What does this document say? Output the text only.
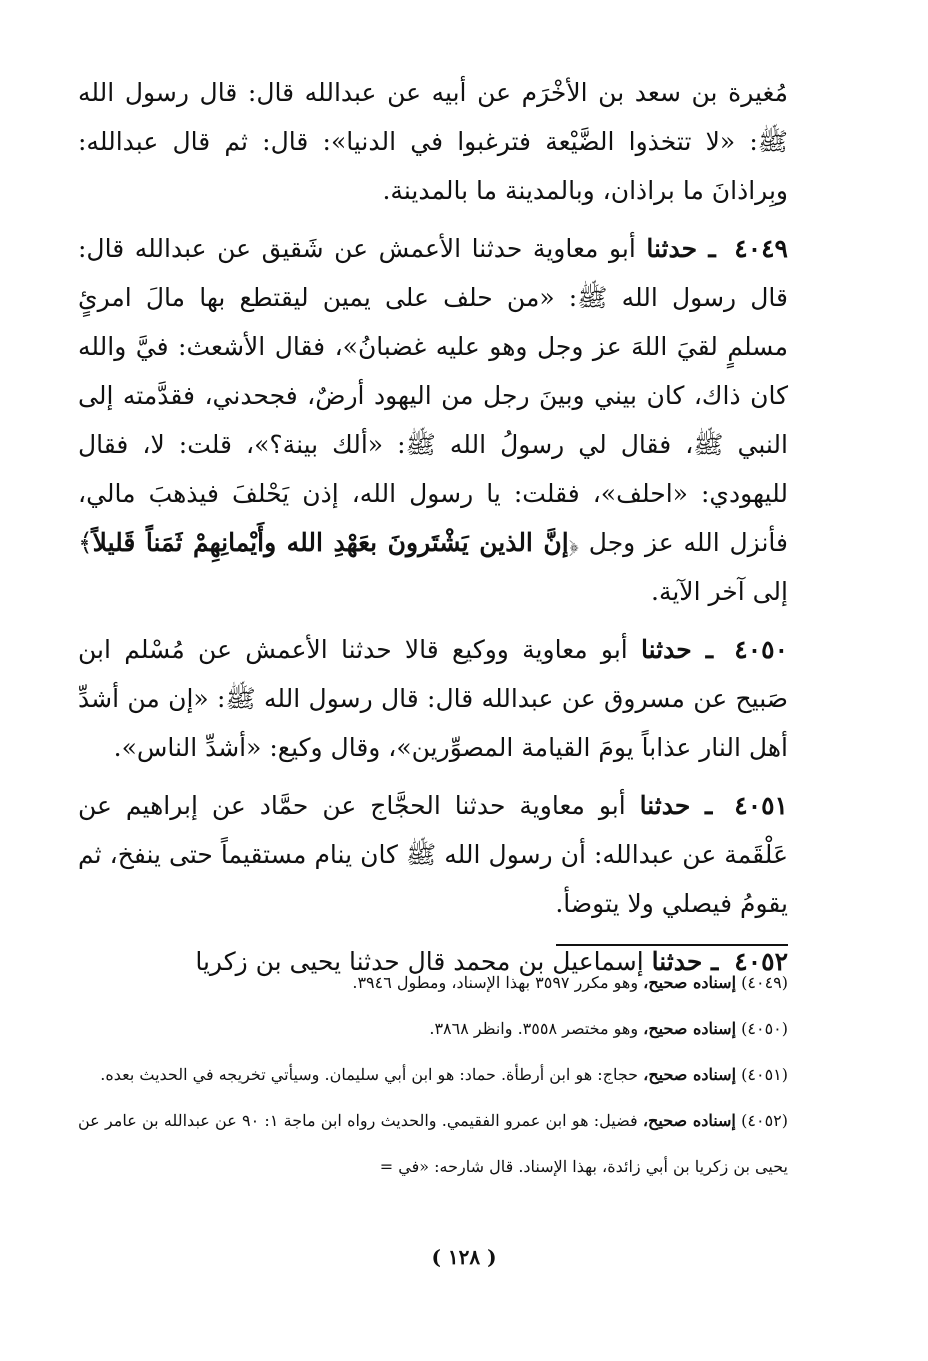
مُغيرة بن سعد بن الأخْرَم عن أبيه عن عبدالله قال: قال رسول الله ﷺ: «لا تتخذوا الضَّيْعة فترغبوا في الدنيا»: قال: ثم قال عبدالله: وبِراذانَ ما براذان، وبالمدينة ما بالمدينة.

٤٠٤٩ ـ حدثنا أبو معاوية حدثنا الأعمش عن شَقيق عن عبدالله قال: قال رسول الله ﷺ: «من حلف على يمين ليقتطع بها مالَ امرئٍ مسلمٍ لقيَ اللهَ عز وجل وهو عليه غضبانُ»، فقال الأشعث: فيَّ والله كان ذاك، كان بيني وبينَ رجل من اليهود أرضٌ، فجحدني، فقدَّمته إلى النبي ﷺ، فقال لي رسولُ الله ﷺ: «ألك بينة؟»، قلت: لا، فقال لليهودي: «احلف»، فقلت: يا رسول الله، إذن يَحْلفَ فيذهبَ مالي، فأنزل الله عز وجل ﴿إنَّ الذين يَشْتَرونَ بعَهْدِ الله وأَيْمانِهِمْ ثَمَناً قَليلاً﴾ إلى آخر الآية.

٤٠٥٠ ـ حدثنا أبو معاوية ووكيع قالا حدثنا الأعمش عن مُسْلم ابن صَبيح عن مسروق عن عبدالله قال: قال رسول الله ﷺ: «إن من أشدِّ أهل النار عذاباً يومَ القيامة المصوِّرين»، وقال وكيع: «أشدِّ الناس».

٤٠٥١ ـ حدثنا أبو معاوية حدثنا الحجَّاج عن حمَّاد عن إبراهيم عن عَلْقَمة عن عبدالله: أن رسول الله ﷺ كان ينام مستقيماً حتى ينفخ، ثم يقومُ فيصلي ولا يتوضأ.

٤٠٥٢ ـ حدثنا إسماعيل بن محمد قال حدثنا يحيى بن زكريا

(٤٠٤٩) إسناده صحيح، وهو مكرر ٣٥٩٧ بهذا الإسناد، ومطول ٣٩٤٦.

(٤٠٥٠) إسناده صحيح، وهو مختصر ٣٥٥٨. وانظر ٣٨٦٨.

(٤٠٥١) إسناده صحيح، حجاج: هو ابن أرطأة. حماد: هو ابن أبي سليمان. وسيأتي تخريجه في الحديث بعده.

(٤٠٥٢) إسناده صحيح، فضيل: هو ابن عمرو الفقيمي. والحديث رواه ابن ماجة ١: ٩٠ عن عبدالله بن عامر عن يحيى بن زكريا بن أبي زائدة، بهذا الإسناد. قال شارحه: «في =

( ١٢٨ )
